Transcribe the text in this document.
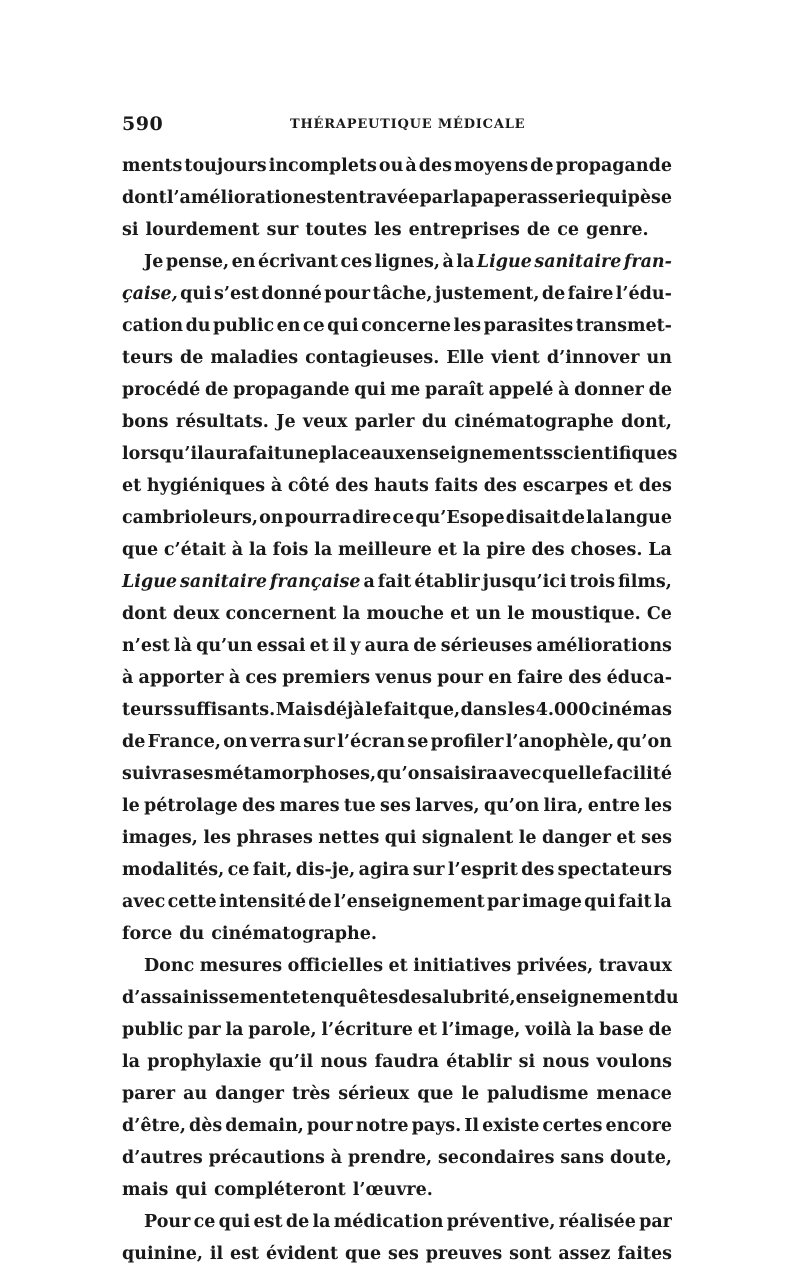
590	THÉRAPEUTIQUE MÉDICALE
ments toujours incomplets ou à des moyens de propagande
dont l’amélioration est entravée par la paperasserie qui pèse
si lourdement sur toutes les entreprises de ce genre.
Je pense, en écrivant ces lignes, à la Ligue sanitaire fran-
çaise, qui s’est donné pour tâche, justement, de faire l’édu-
cation du public en ce qui concerne les parasites transmet-
teurs de maladies contagieuses. Elle vient d’innover un
procédé de propagande qui me paraît appelé à donner de
bons résultats. Je veux parler du cinématographe dont,
lorsqu’il aura fait une place aux enseignements scientifiques
et hygiéniques à côté des hauts faits des escarpes et des
cambrioleurs, on pourra dire ce qu’Esope disait de la langue
que c’était à la fois la meilleure et la pire des choses. La
Ligue sanitaire française a fait établir jusqu’ici trois films,
dont deux concernent la mouche et un le moustique. Ce
n’est là qu’un essai et il y aura de sérieuses améliorations
à apporter à ces premiers venus pour en faire des éduca-
teurs suffisants. Mais déjà le fait que, dans les 4.000 cinémas
de France, on verra sur l’écran se profiler l’anophèle, qu’on
suivra ses métamorphoses, qu’on saisira avec quelle facilité
le pétrolage des mares tue ses larves, qu’on lira, entre les
images, les phrases nettes qui signalent le danger et ses
modalités, ce fait, dis-je, agira sur l’esprit des spectateurs
avec cette intensité de l’enseignement par image qui fait la
force du cinématographe.
Donc mesures officielles et initiatives privées, travaux
d’assainissement et enquêtes de salubrité, enseignement du
public par la parole, l’écriture et l’image, voilà la base de
la prophylaxie qu’il nous faudra établir si nous voulons
parer au danger très sérieux que le paludisme menace
d’être, dès demain, pour notre pays. Il existe certes encore
d’autres précautions à prendre, secondaires sans doute,
mais qui compléteront l’œuvre.
Pour ce qui est de la médication préventive, réalisée par
quinine, il est évident que ses preuves sont assez faites
